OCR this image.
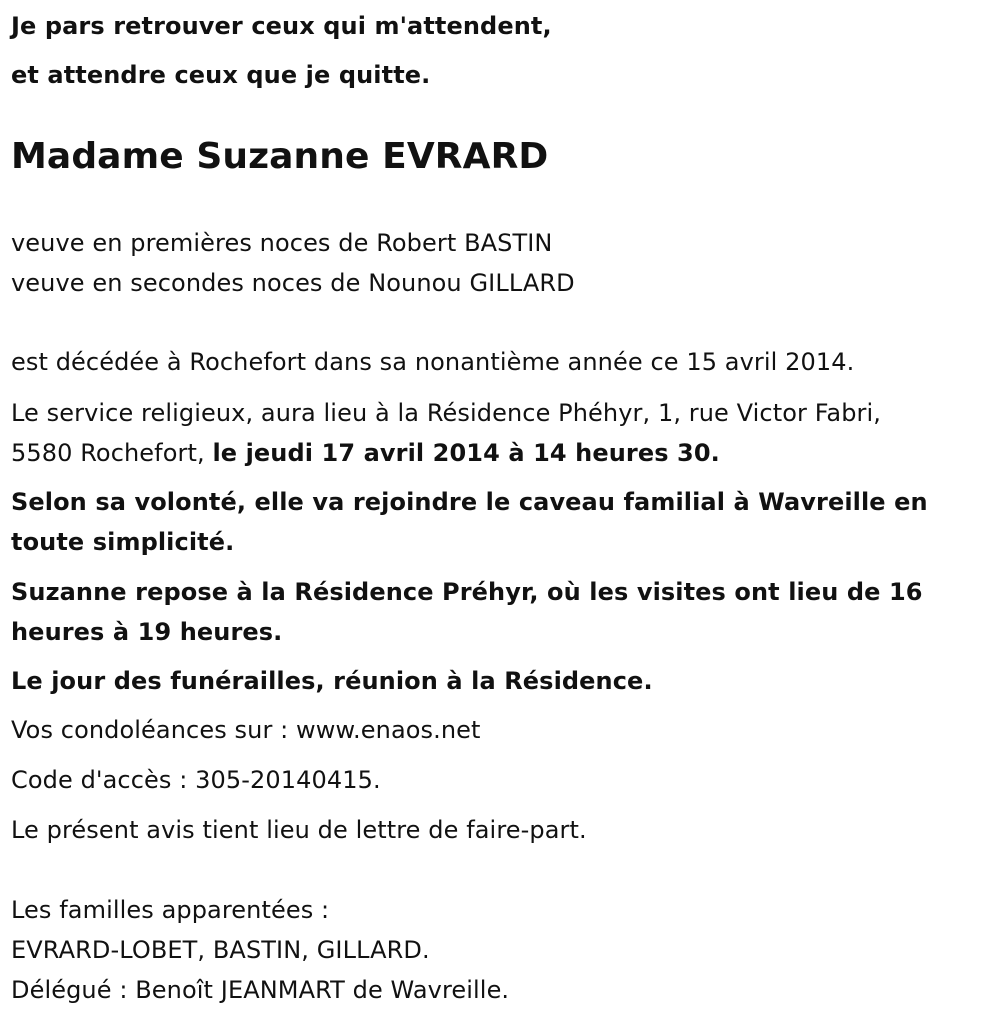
Je pars retrouver ceux qui m'attendent,
et attendre ceux que je quitte.
Madame Suzanne EVRARD
veuve en premières noces de Robert BASTIN
veuve en secondes noces de Nounou GILLARD
est décédée à Rochefort dans sa nonantième année ce 15 avril 2014.
Le service religieux, aura lieu à la Résidence Phéhyr, 1, rue Victor Fabri,
5580 Rochefort, le jeudi 17 avril 2014 à 14 heures 30.
Selon sa volonté, elle va rejoindre le caveau familial à Wavreille en
toute simplicité.
Suzanne repose à la Résidence Préhyr, où les visites ont lieu de 16
heures à 19 heures.
Le jour des funérailles, réunion à la Résidence.
Vos condoléances sur : www.enaos.net
Code d'accès : 305-20140415.
Le présent avis tient lieu de lettre de faire-part.
Les familles apparentées :
EVRARD-LOBET, BASTIN, GILLARD.
Délégué : Benoît JEANMART de Wavreille.
